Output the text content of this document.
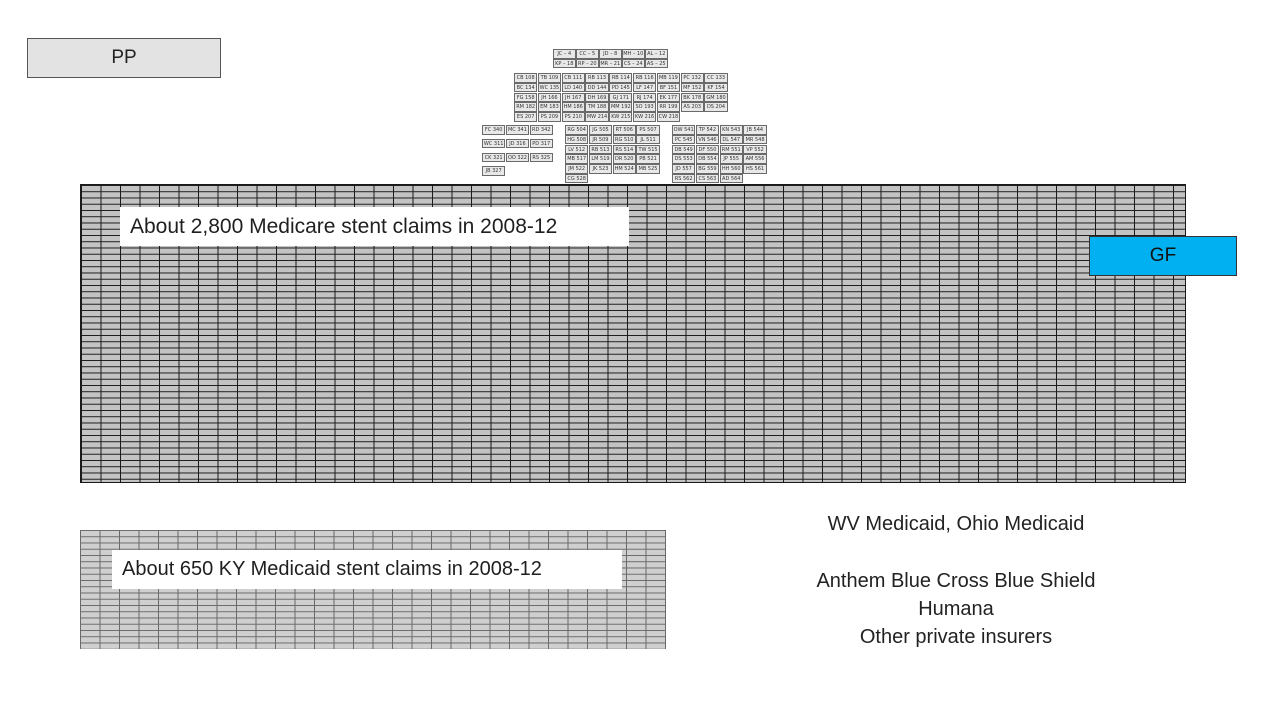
PP	JC – 4	CC – 5	JD – 8	MH – 10 AL – 12
KP – 18 RP – 20 MR – 21 CS – 24 AS – 25
CB 108	TB 109	CB 111	RB 113	RB 114	RB 116	MB 119	PC 132	CC 133
BC 134	WC 135	LD 140	DD 144	PD 145	LF 147	BF 151	MF 152	KF 154
FG 158	JH 166	JH 167	DH 169	GJ 171	RJ 174	EK 177	BK 178	GM 180
RM 182	EM 183 HM 186 TM 188 MM 192 SO 193	RR 199	AS 203	DS 204
ES 207	PS 209	PS 210 MW 214 KW 215 KW 216 CW 218
FC 340	MC 341	RD 342
WC 311	JD 316	PD 317
CK 321	OO 322	RS 325
JB 327
RG 504	JG 505	RT 506	PS 507
HG 508	JR 509	RG 510	JL 511
LV 512	RB 513	RS 514	TW 515
MB 517	LM 519	DR 520	PB 521
JM 522	JK 523	HM 524 MB 525
CG 528
OW 541	TP 542	KN 543	JB 544
PC 545	VN 546	DL 547	MR 548
DB 549	DF 550	RM 551	VP 552
DS 553	DB 554	JP 555	AM 556
JD 557	BG 559	HH 560	HS 561
RS 562	CS 563	AD 564
About 2,800 Medicare stent claims in 2008-12
GF
About 650 KY Medicaid stent claims in 2008-12
WV Medicaid, Ohio Medicaid
Anthem Blue Cross Blue Shield
Humana
Other private insurers
